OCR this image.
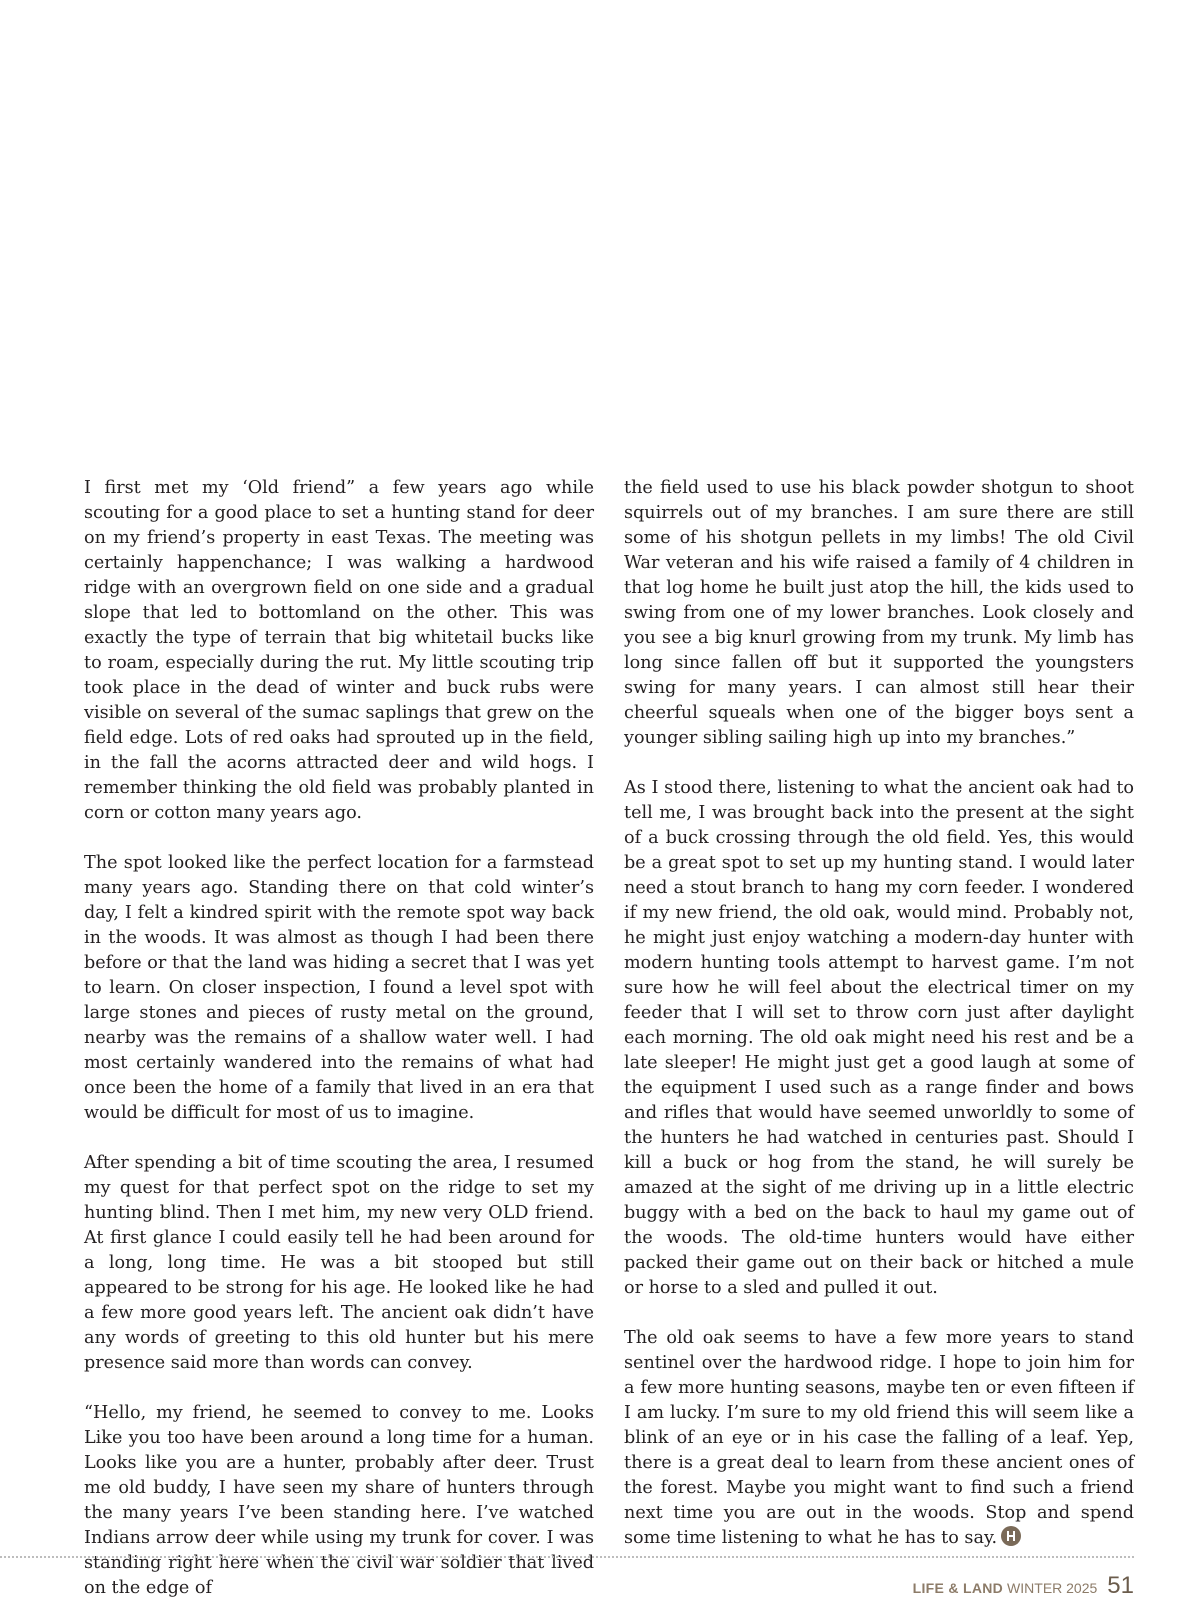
I first met my ‘Old friend” a few years ago while scouting for a good place to set a hunting stand for deer on my friend’s property in east Texas. The meeting was certainly happenchance; I was walking a hardwood ridge with an overgrown field on one side and a gradual slope that led to bottomland on the other. This was exactly the type of terrain that big whitetail bucks like to roam, especially during the rut. My little scouting trip took place in the dead of winter and buck rubs were visible on several of the sumac saplings that grew on the field edge. Lots of red oaks had sprouted up in the field, in the fall the acorns attracted deer and wild hogs. I remember thinking the old field was probably planted in corn or cotton many years ago.

The spot looked like the perfect location for a farmstead many years ago. Standing there on that cold winter’s day, I felt a kindred spirit with the remote spot way back in the woods. It was almost as though I had been there before or that the land was hiding a secret that I was yet to learn. On closer inspection, I found a level spot with large stones and pieces of rusty metal on the ground, nearby was the remains of a shallow water well. I had most certainly wandered into the remains of what had once been the home of a family that lived in an era that would be difficult for most of us to imagine.

After spending a bit of time scouting the area, I resumed my quest for that perfect spot on the ridge to set my hunting blind. Then I met him, my new very OLD friend. At first glance I could easily tell he had been around for a long, long time. He was a bit stooped but still appeared to be strong for his age. He looked like he had a few more good years left. The ancient oak didn’t have any words of greeting to this old hunter but his mere presence said more than words can convey.

“Hello, my friend, he seemed to convey to me. Looks Like you too have been around a long time for a human. Looks like you are a hunter, probably after deer. Trust me old buddy, I have seen my share of hunters through the many years I’ve been standing here. I’ve watched Indians arrow deer while using my trunk for cover. I was standing right here when the civil war soldier that lived on the edge of

the field used to use his black powder shotgun to shoot squirrels out of my branches. I am sure there are still some of his shotgun pellets in my limbs! The old Civil War veteran and his wife raised a family of 4 children in that log home he built just atop the hill, the kids used to swing from one of my lower branches. Look closely and you see a big knurl growing from my trunk. My limb has long since fallen off but it supported the youngsters swing for many years. I can almost still hear their cheerful squeals when one of the bigger boys sent a younger sibling sailing high up into my branches.”

As I stood there, listening to what the ancient oak had to tell me, I was brought back into the present at the sight of a buck crossing through the old field. Yes, this would be a great spot to set up my hunting stand. I would later need a stout branch to hang my corn feeder. I wondered if my new friend, the old oak, would mind. Probably not, he might just enjoy watching a modern-day hunter with modern hunting tools attempt to harvest game. I’m not sure how he will feel about the electrical timer on my feeder that I will set to throw corn just after daylight each morning. The old oak might need his rest and be a late sleeper! He might just get a good laugh at some of the equipment I used such as a range finder and bows and rifles that would have seemed unworldly to some of the hunters he had watched in centuries past. Should I kill a buck or hog from the stand, he will surely be amazed at the sight of me driving up in a little electric buggy with a bed on the back to haul my game out of the woods. The old-time hunters would have either packed their game out on their back or hitched a mule or horse to a sled and pulled it out.

The old oak seems to have a few more years to stand sentinel over the hardwood ridge. I hope to join him for a few more hunting seasons, maybe ten or even fifteen if I am lucky. I’m sure to my old friend this will seem like a blink of an eye or in his case the falling of a leaf. Yep, there is a great deal to learn from these ancient ones of the forest. Maybe you might want to find such a friend next time you are out in the woods. Stop and spend some time listening to what he has to say.

LIFE & LAND WINTER 2025 51
